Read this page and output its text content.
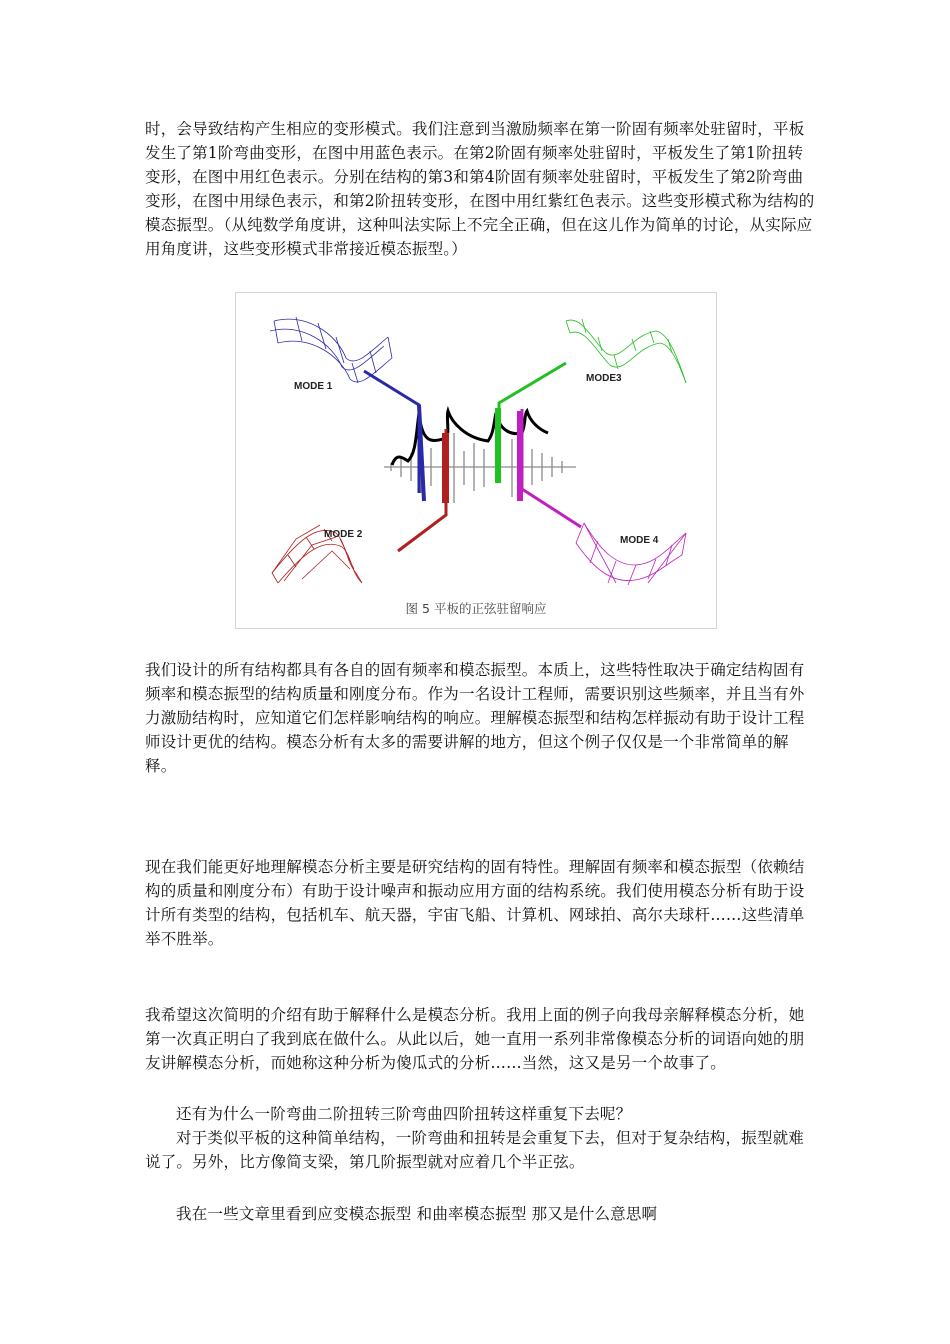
时，会导致结构产生相应的变形模式。我们注意到当激励频率在第一阶固有频率处驻留时，平板发生了第1阶弯曲变形，在图中用蓝色表示。在第2阶固有频率处驻留时，平板发生了第1阶扭转变形，在图中用红色表示。分别在结构的第3和第4阶固有频率处驻留时，平板发生了第2阶弯曲变形，在图中用绿色表示，和第2阶扭转变形，在图中用红紫红色表示。这些变形模式称为结构的模态振型。（从纯数学角度讲，这种叫法实际上不完全正确，但在这儿作为简单的讨论，从实际应用角度讲，这些变形模式非常接近模态振型。）

MODE 1
MODE 2
MODE3
MODE 4
图 5 平板的正弦驻留响应

我们设计的所有结构都具有各自的固有频率和模态振型。本质上，这些特性取决于确定结构固有频率和模态振型的结构质量和刚度分布。作为一名设计工程师，需要识别这些频率，并且当有外力激励结构时，应知道它们怎样影响结构的响应。理解模态振型和结构怎样振动有助于设计工程师设计更优的结构。模态分析有太多的需要讲解的地方，但这个例子仅仅是一个非常简单的解释。

现在我们能更好地理解模态分析主要是研究结构的固有特性。理解固有频率和模态振型（依赖结构的质量和刚度分布）有助于设计噪声和振动应用方面的结构系统。我们使用模态分析有助于设计所有类型的结构，包括机车、航天器，宇宙飞船、计算机、网球拍、高尔夫球杆……这些清单举不胜举。

我希望这次简明的介绍有助于解释什么是模态分析。我用上面的例子向我母亲解释模态分析，她第一次真正明白了我到底在做什么。从此以后，她一直用一系列非常像模态分析的词语向她的朋友讲解模态分析，而她称这种分析为傻瓜式的分析……当然，这又是另一个故事了。

还有为什么一阶弯曲二阶扭转三阶弯曲四阶扭转这样重复下去呢？

对于类似平板的这种简单结构，一阶弯曲和扭转是会重复下去，但对于复杂结构，振型就难说了。另外，比方像简支梁，第几阶振型就对应着几个半正弦。

我在一些文章里看到应变模态振型 和曲率模态振型 那又是什么意思啊
